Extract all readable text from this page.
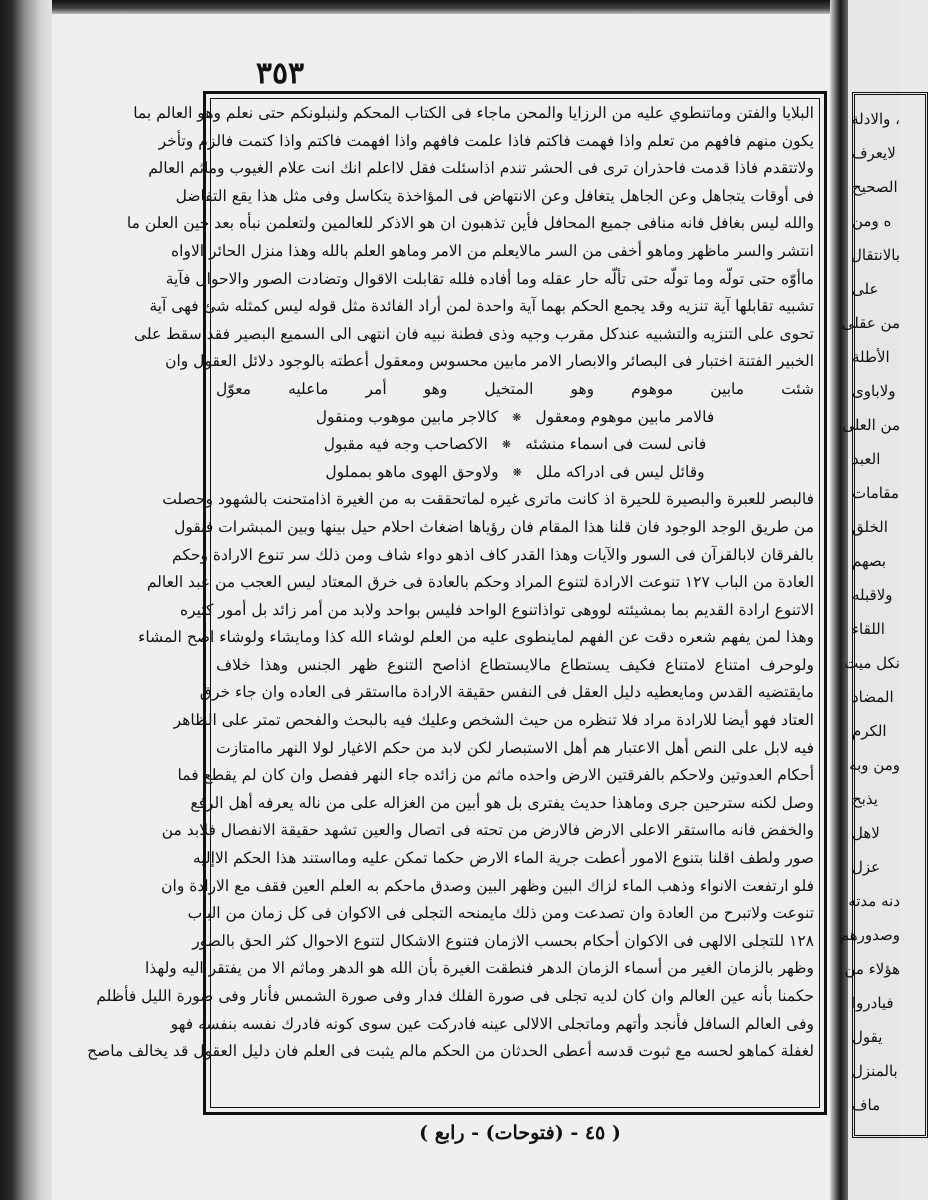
٣٥٣
البلايا والفتن وماتنطوي عليه من الرزايا والمحن ماجاء فى الكتاب المحكم ولنبلونكم حتى نعلم وهو العالم بما
يكون منهم فافهم من تعلم واذا فهمت فاكتم فاذا علمت فافهم واذا افهمت فاكتم واذا كتمت فالزم وتأخر
ولاتتقدم فاذا قدمت فاحذران ترى فى الحشر تندم اذاسئلت فقل لااعلم انك انت علام الغيوب وماثم العالم
فى أوقات يتجاهل وعن الجاهل يتغافل وعن الانتهاض فى المؤاخذة يتكاسل وفى مثل هذا يقع التفاضل
والله ليس بغافل فانه منافى جميع المحافل فأين تذهبون ان هو الاذكر للعالمين ولتعلمن نبأه بعد حين العلن ما
انتشر والسر ماظهر وماهو أخفى من السر مالايعلم من الامر وماهو العلم بالله وهذا منزل الحائر الاواه
ماأوّه حتى تولّه وما تولّه حتى تألّه حار عقله وما أفاده فلله تقابلت الاقوال وتضادت الصور والاحوال فآية
تشبيه تقابلها آية تنزيه وقد يجمع الحكم بهما آية واحدة لمن أراد الفائدة مثل قوله ليس كمثله شئ فهى آية
تحوى على التنزيه والتشبيه عندكل مقرب وجيه وذى فطنة نبيه فان انتهى الى السميع البصير فقد سقط على
الخبير الفتنة اختبار فى البصائر والابصار الامر مابين محسوس ومعقول أعطته بالوجود دلائل العقول وان
شئت مابين موهوم وهو المتخيل وهو أمر ماعليه معوّل
فالامر مابين موهوم ومعقول
❋
كالاجر مابين موهوب ومنقول
فانى لست فى اسماء منشئه
❋
الاكصاحب وجه فيه مقبول
وقائل ليس فى ادراكه ملل
❋
ولاوحق الهوى ماهو بمملول
فالبصر للعبرة والبصيرة للحيرة اذ كانت ماترى غيره لماتحققت به من الغيرة اذامتحنت بالشهود وحصلت
من طريق الوجد الوجود فان قلنا هذا المقام فان رؤياها اضغاث احلام حيل بينها وبين المبشرات فنقول
بالفرقان لابالقرآن فى السور والآيات وهذا القدر كاف اذهو دواء شاف ومن ذلك سر تنوع الارادة وحكم
العادة من الباب ١٢٧ تنوعت الارادة لتنوع المراد وحكم بالعادة فى خرق المعتاد ليس العجب من عبد العالم
الاتنوع ارادة القديم بما بمشيئته لووهى تواذاتنوع الواحد فليس بواحد ولابد من أمر زائد بل أمور كثيره
وهذا لمن يفهم شعره دقت عن الفهم لماينطوى عليه من العلم لوشاء الله كذا ومايشاء ولوشاء اصح المشاء
ولوحرف امتناع لامتناع فكيف يستطاع مالايستطاع اذاصح التنوع ظهر الجنس وهذا خلاف
مايقتضيه القدس ومايعطيه دليل العقل فى النفس حقيقة الارادة مااستقر فى العاده وان جاء خرق
العتاد فهو أيضا للارادة مراد فلا تنظره من حيث الشخص وعليك فيه بالبحث والفحص تمتر على الظاهر
فيه لابل على النص أهل الاعتبار هم أهل الاستبصار لكن لابد من حكم الاغيار لولا النهر ماامتازت
أحكام العدوتين ولاحكم بالفرقتين الارض واحده ماثم من زائده جاء النهر ففصل وان كان لم يقطع فما
وصل لكنه سترحين جرى وماهذا حديث يفترى بل هو أبين من الغزاله على من ناله يعرفه أهل الرفع
والخفض فانه مااستقر الاعلى الارض فالارض من تحته فى اتصال والعين تشهد حقيقة الانفصال فلابد من
صور ولطف اقلنا بتنوع الامور أعطت جرية الماء الارض حكما تمكن عليه ومااستند هذا الحكم الاإليه
فلو ارتفعت الانواء وذهب الماء لزاك البين وظهر البين وصدق ماحكم به العلم العين فقف مع الارادة وان
تنوعت ولاتبرح من العادة وان تصدعت ومن ذلك مايمنحه التجلى فى الاكوان فى كل زمان من الباب
١٢٨ للتجلى الالهى فى الاكوان أحكام بحسب الازمان فتنوع الاشكال لتنوع الاحوال كثر الحق بالصور
وظهر بالزمان الغير من أسماء الزمان الدهر فنطقت الغيرة بأن الله هو الدهر وماثم الا من يفتقر اليه ولهذا
حكمنا بأنه عين العالم وان كان لديه تجلى فى صورة الفلك فدار وفى صورة الشمس فأنار وفى صورة الليل فأظلم
وفى العالم السافل فأنجد وأتهم وماتجلى الالالى عينه فادركت عين سوى كونه فادرك نفسه بنفسه فهو
لغفلة كماهو لحسه مع ثبوت قدسه أعطى الحدثان من الحكم مالم يثبت فى العلم فان دليل العقول قد يخالف ماصح
( ٤٥ - (فتوحات) - رابع )
، والادلة
لايعرف
الصحيح
ه ومن
بالانتقال
على
من عقلى
الأطلة
ولاباوى
من العلى
العبد
مقامات
الخلق
بصهم
ولاقبله
اللقاء
نكل ميت
المضاد
الكرم
ومن وبه
يذبح
لاهل
عزل
دنه مدته
وصدورهم
هؤلاء من
فيادروا
يقول
بالمنزل
ماف
